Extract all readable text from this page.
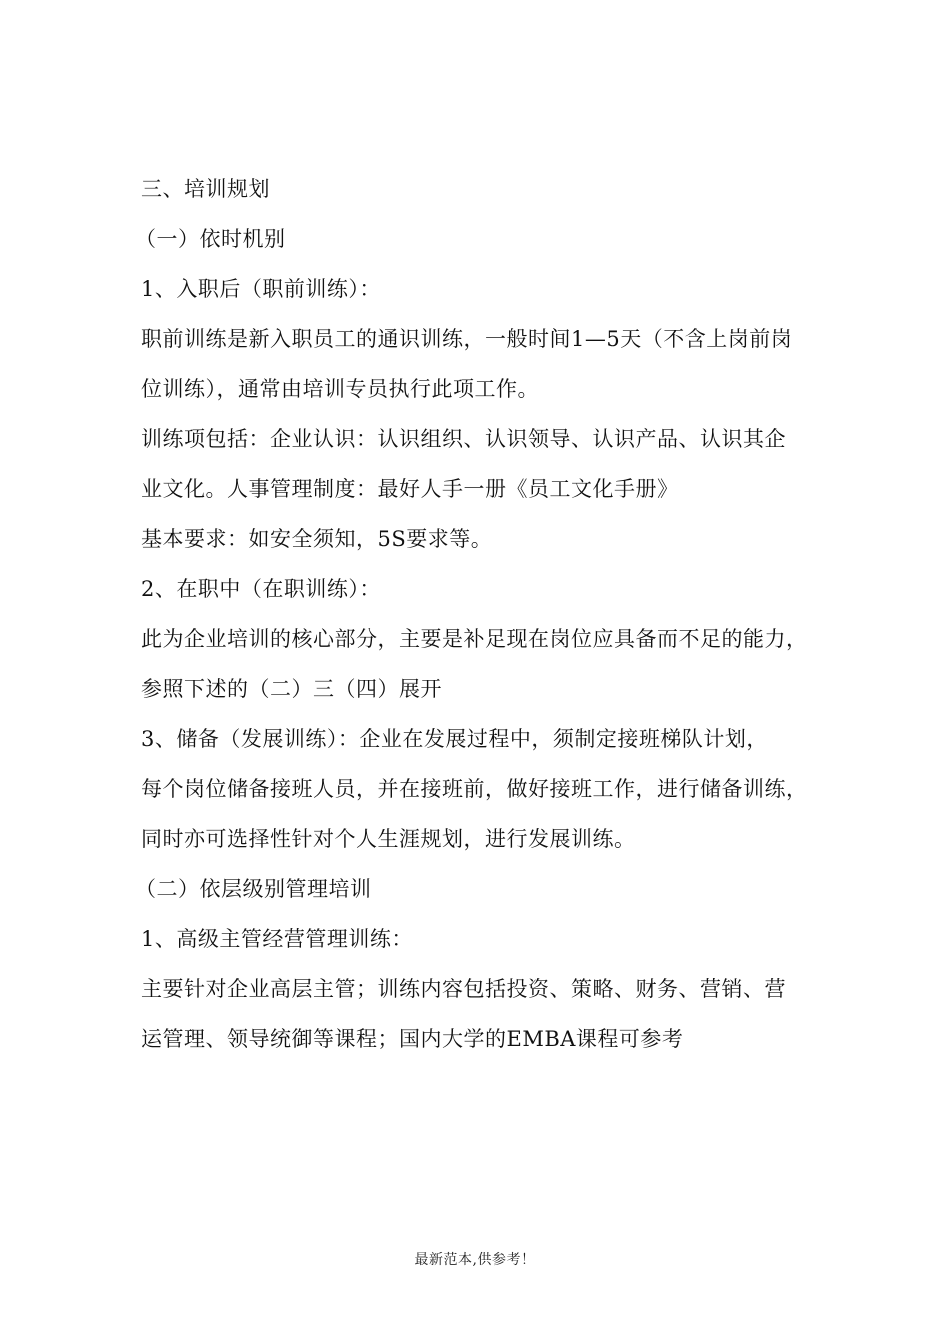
三、培训规划
（一）依时机别
1、入职后（职前训练）：
职前训练是新入职员工的通识训练，一般时间1—5天（不含上岗前岗
位训练），通常由培训专员执行此项工作。
训练项包括：企业认识：认识组织、认识领导、认识产品、认识其企
业文化。人事管理制度：最好人手一册《员工文化手册》
基本要求：如安全须知，5S要求等。
2、在职中（在职训练）：
此为企业培训的核心部分，主要是补足现在岗位应具备而不足的能力，
参照下述的（二）三（四）展开
3、储备（发展训练）：企业在发展过程中，须制定接班梯队计划，
每个岗位储备接班人员，并在接班前，做好接班工作，进行储备训练，
同时亦可选择性针对个人生涯规划，进行发展训练。
（二）依层级别管理培训
1、高级主管经营管理训练：
主要针对企业高层主管；训练内容包括投资、策略、财务、营销、营
运管理、领导统御等课程；国内大学的EMBA课程可参考
最新范本,供参考！
